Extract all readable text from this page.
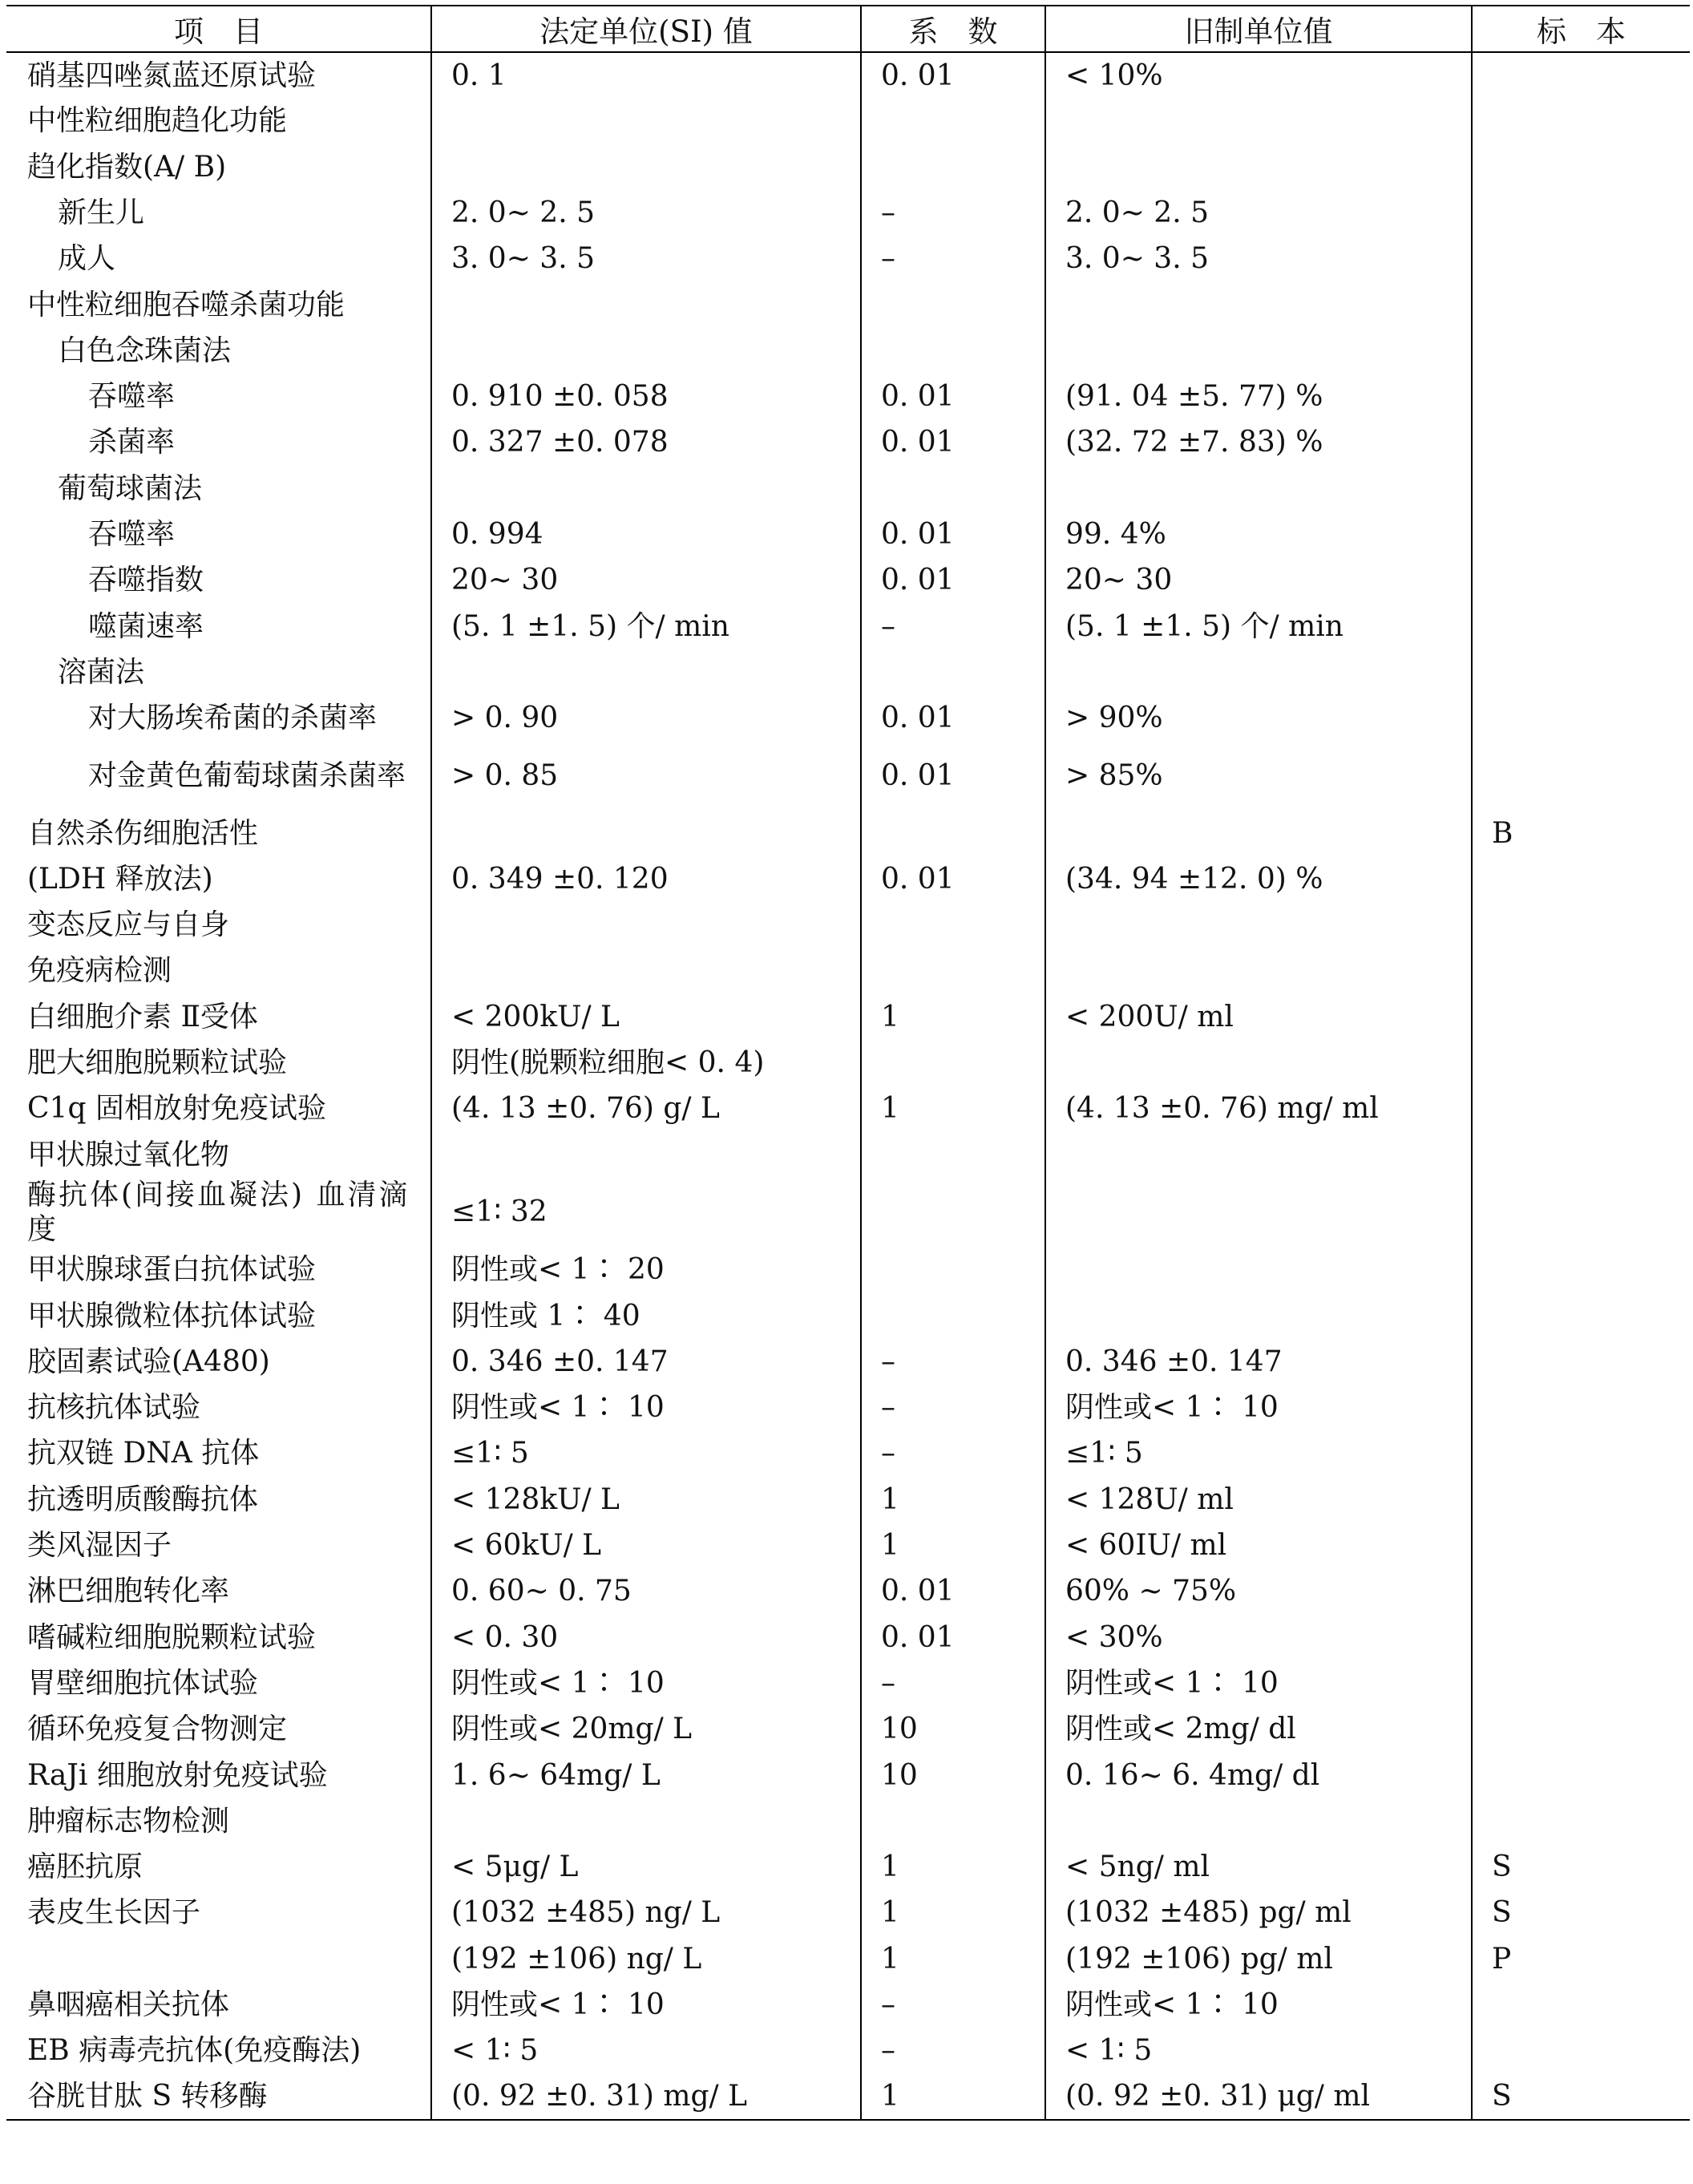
项　目	法定单位(SI) 值	系　数	旧制单位值	标　本
硝基四唑氮蓝还原试验	0. 1	0. 01	< 10%	
中性粒细胞趋化功能				
趋化指数(A/ B)				
新生儿	2. 0~ 2. 5	–	2. 0~ 2. 5	
成人	3. 0~ 3. 5	–	3. 0~ 3. 5	
中性粒细胞吞噬杀菌功能				
白色念珠菌法				
吞噬率	0. 910 ±0. 058	0. 01	(91. 04 ±5. 77) %	
杀菌率	0. 327 ±0. 078	0. 01	(32. 72 ±7. 83) %	
葡萄球菌法				
吞噬率	0. 994	0. 01	99. 4%	
吞噬指数	20~ 30	0. 01	20~ 30	
噬菌速率	(5. 1 ±1. 5) 个/ min	–	(5. 1 ±1. 5) 个/ min	
溶菌法				
对大肠埃希菌的杀菌率	> 0. 90	0. 01	> 90%	
对金黄色葡萄球菌杀菌率	> 0. 85	0. 01	> 85%	
自然杀伤细胞活性				B
(LDH 释放法)	0. 349 ±0. 120	0. 01	(34. 94 ±12. 0) %	
变态反应与自身				
免疫病检测				
白细胞介素 Ⅱ受体	< 200kU/ L	1	< 200U/ ml	
肥大细胞脱颗粒试验	阴性(脱颗粒细胞< 0. 4)			
C1q 固相放射免疫试验	(4. 13 ±0. 76) g/ L	1	(4. 13 ±0. 76) mg/ ml	
甲状腺过氧化物				
酶抗体(间接血凝法) 血清滴度	≤1∶ 32			
甲状腺球蛋白抗体试验	阴性或< 1∶ 20			
甲状腺微粒体抗体试验	阴性或 1∶ 40			
胶固素试验(A480)	0. 346 ±0. 147	–	0. 346 ±0. 147	
抗核抗体试验	阴性或< 1∶ 10	–	阴性或< 1∶ 10	
抗双链 DNA 抗体	≤1∶ 5	–	≤1∶ 5	
抗透明质酸酶抗体	< 128kU/ L	1	< 128U/ ml	
类风湿因子	< 60kU/ L	1	< 60IU/ ml	
淋巴细胞转化率	0. 60~ 0. 75	0. 01	60% ~ 75%	
嗜碱粒细胞脱颗粒试验	< 0. 30	0. 01	< 30%	
胃壁细胞抗体试验	阴性或< 1∶ 10	–	阴性或< 1∶ 10	
循环免疫复合物测定	阴性或< 20mg/ L	10	阴性或< 2mg/ dl	
RaJi 细胞放射免疫试验	1. 6~ 64mg/ L	10	0. 16~ 6. 4mg/ dl	
肿瘤标志物检测				
癌胚抗原	< 5μg/ L	1	< 5ng/ ml	S
表皮生长因子	(1032 ±485) ng/ L	1	(1032 ±485) pg/ ml	S
	(192 ±106) ng/ L	1	(192 ±106) pg/ ml	P
鼻咽癌相关抗体	阴性或< 1∶ 10	–	阴性或< 1∶ 10	
EB 病毒壳抗体(免疫酶法)	< 1∶ 5	–	< 1∶ 5	
谷胱甘肽 S 转移酶	(0. 92 ±0. 31) mg/ L	1	(0. 92 ±0. 31) μg/ ml	S
